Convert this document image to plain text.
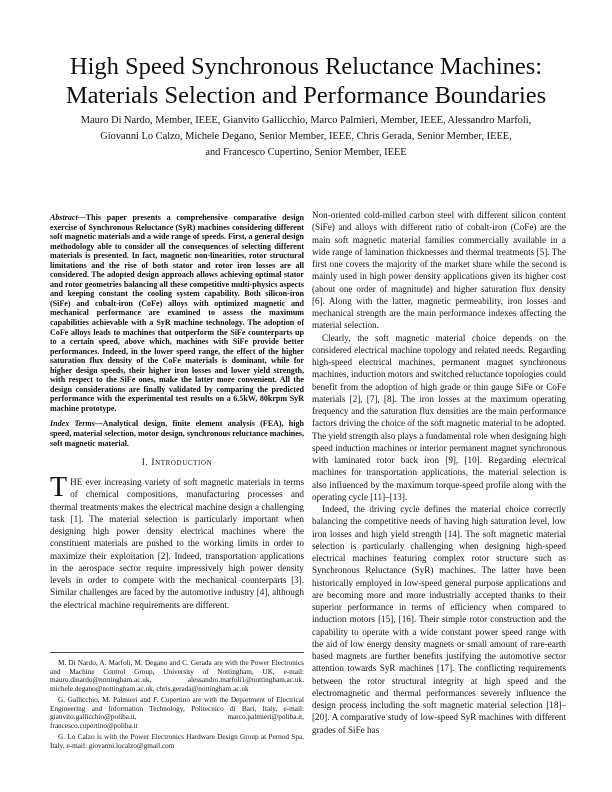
High Speed Synchronous Reluctance Machines:
Materials Selection and Performance Boundaries
Mauro Di Nardo, Member, IEEE, Gianvito Gallicchio, Marco Palmieri, Member, IEEE, Alessandro Marfoli,
Giovanni Lo Calzo, Michele Degano, Senior Member, IEEE, Chris Gerada, Senior Member, IEEE,
and Francesco Cupertino, Senior Member, IEEE
Abstract—This paper presents a comprehensive comparative design exercise of Synchronous Reluctance (SyR) machines considering different soft magnetic materials and a wide range of speeds. First, a general design methodology able to consider all the consequences of selecting different materials is presented. In fact, magnetic non-linearities, rotor structural limitations and the rise of both stator and rotor iron losses are all considered. The adopted design approach allows achieving optimal stator and rotor geometries balancing all these competitive multi-physics aspects and keeping constant the cooling system capability. Both silicon-iron (SiFe) and cobalt-iron (CoFe) alloys with optimized magnetic and mechanical performance are examined to assess the maximum capabilities achievable with a SyR machine technology. The adoption of CoFe alloys leads to machines that outperform the SiFe counterparts up to a certain speed, above which, machines with SiFe provide better performances. Indeed, in the lower speed range, the effect of the higher saturation flux density of the CoFe materials is dominant, while for higher design speeds, their higher iron losses and lower yield strength, with respect to the SiFe ones, make the latter more convenient. All the design considerations are finally validated by comparing the predicted performance with the experimental test results on a 6.5kW, 80krpm SyR machine prototype.
Index Terms—Analytical design, finite element analysis (FEA), high speed, material selection, motor design, synchronous reluctance machines, soft magnetic material.
I. Introduction

THE ever increasing variety of soft magnetic materials in terms of chemical compositions, manufacturing processes and thermal treatments makes the electrical machine design a challenging task [1]. The material selection is particularly important when designing high power density electrical machines where the constituent materials are pushed to the working limits in order to maximize their exploitation [2]. Indeed, transportation applications in the aerospace sector require impressively high power density levels in order to compete with the mechanical counterparts [3]. Similar challenges are faced by the automotive industry [4], although the electrical machine requirements are different.

M. Di Nardo, A. Marfoli, M. Degano and C. Gerada are with the Power Electronics and Machine Control Group, University of Nottingham, UK, e-mail: mauro.dinardo@nottingham.ac.uk, alessandro.marfoli1@nottingham.ac.uk, michele.degano@nottingham.ac.uk, chris.gerada@nottingham.ac.uk

G. Gallicchio, M. Palmieri and F. Cupertino are with the Department of Electrical Engineering and Information Technology, Politecnico di Bari, Italy, e-mail: gianvito.gallicchio@poliba.it, marco.palmieri@poliba.it, francesco.cupertino@poliba.it

G. Lo Calzo is with the Power Electronics Hardware Design Group at Pernod Spa, Italy, e-mail: giovanni.localzo@gmail.com

Non-oriented cold-milled carbon steel with different silicon content (SiFe) and alloys with different ratio of cobalt-iron (CoFe) are the main soft magnetic material families commercially available in a wide range of lamination thicknesses and thermal treatments [5]. The first one covers the majority of the market share while the second is mainly used in high power density applications given its higher cost (about one order of magnitude) and higher saturation flux density [6]. Along with the latter, magnetic permeability, iron losses and mechanical strength are the main performance indexes affecting the material selection.

Clearly, the soft magnetic material choice depends on the considered electrical machine topology and related needs. Regarding high-speed electrical machines, permanent magnet synchronous machines, induction motors and switched reluctance topologies could benefit from the adoption of high grade or thin gauge SiFe or CoFe materials [2], [7], [8]. The iron losses at the maximum operating frequency and the saturation flux densities are the main performance factors driving the choice of the soft magnetic material to be adopted. The yield strength also plays a fundamental role when designing high speed induction machines or interior permanent magnet synchronous with laminated rotor back iron [9], [10]. Regarding electrical machines for transportation applications, the material selection is also influenced by the maximum torque-speed profile along with the operating cycle [11]–[13].

Indeed, the driving cycle defines the material choice correctly balancing the competitive needs of having high saturation level, low iron losses and high yield strength [14]. The soft magnetic material selection is particularly challenging when designing high-speed electrical machines featuring complex rotor structure such as Synchronous Reluctance (SyR) machines. The latter have been historically employed in low-speed general purpose applications and are becoming more and more industrially accepted thanks to their superior performance in terms of efficiency when compared to induction motors [15], [16]. Their simple rotor construction and the capability to operate with a wide constant power speed range with the aid of low energy density magnets or small amount of rare-earth based magnets are further benefits justifying the automotive sector attention towards SyR machines [17]. The conflicting requirements between the rotor structural integrity at high speed and the electromagnetic and thermal performances severely influence the design process including the soft magnetic material selection [18]–[20]. A comparative study of low-speed SyR machines with different grades of SiFe has
